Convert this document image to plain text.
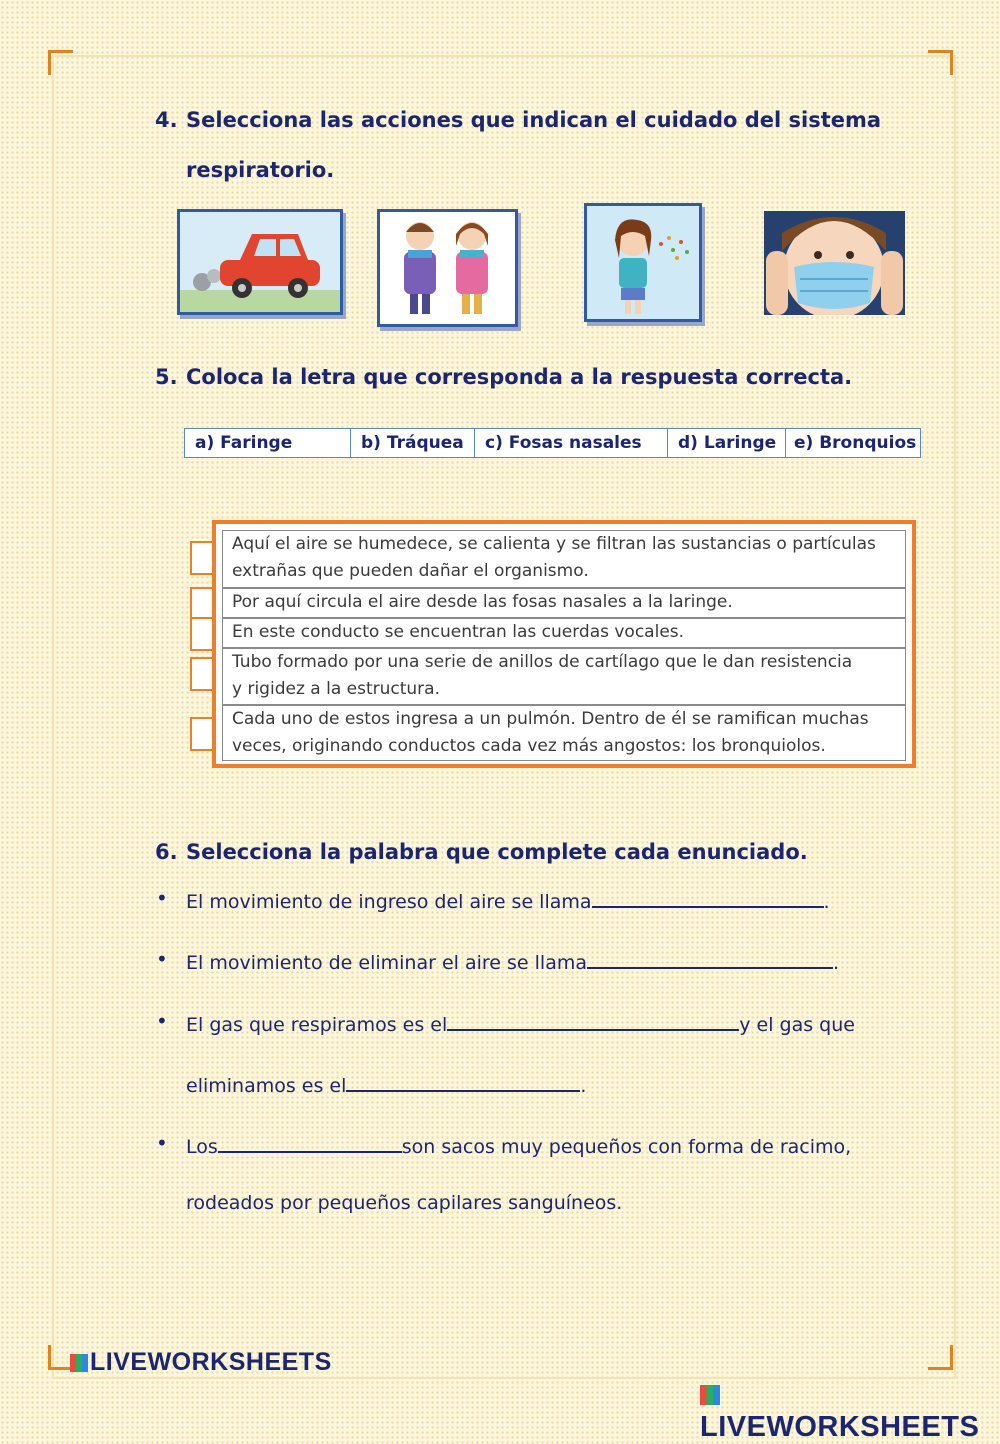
4. Selecciona las acciones que indican el cuidado del sistema
respiratorio.
5. Coloca la letra que corresponda a la respuesta correcta.
a) Faringe	b) Tráquea	c) Fosas nasales	d) Laringe	e) Bronquios
Aquí el aire se humedece, se calienta y se filtran las sustancias o partículas
extrañas que pueden dañar el organismo.
Por aquí circula el aire desde las fosas nasales a la laringe.
En este conducto se encuentran las cuerdas vocales.
Tubo formado por una serie de anillos de cartílago que le dan resistencia
y rigidez a la estructura.
Cada uno de estos ingresa a un pulmón. Dentro de él se ramifican muchas
veces, originando conductos cada vez más angostos: los bronquiolos.
6. Selecciona la palabra que complete cada enunciado.
• El movimiento de ingreso del aire se llama	.
• El movimiento de eliminar el aire se llama	.
• El gas que respiramos es el	y el gas que
eliminamos es el	.
• Los	son sacos muy pequeños con forma de racimo,
rodeados por pequeños capilares sanguíneos.
LIVEWORKSHEETS
LIVEWORKSHEETS
